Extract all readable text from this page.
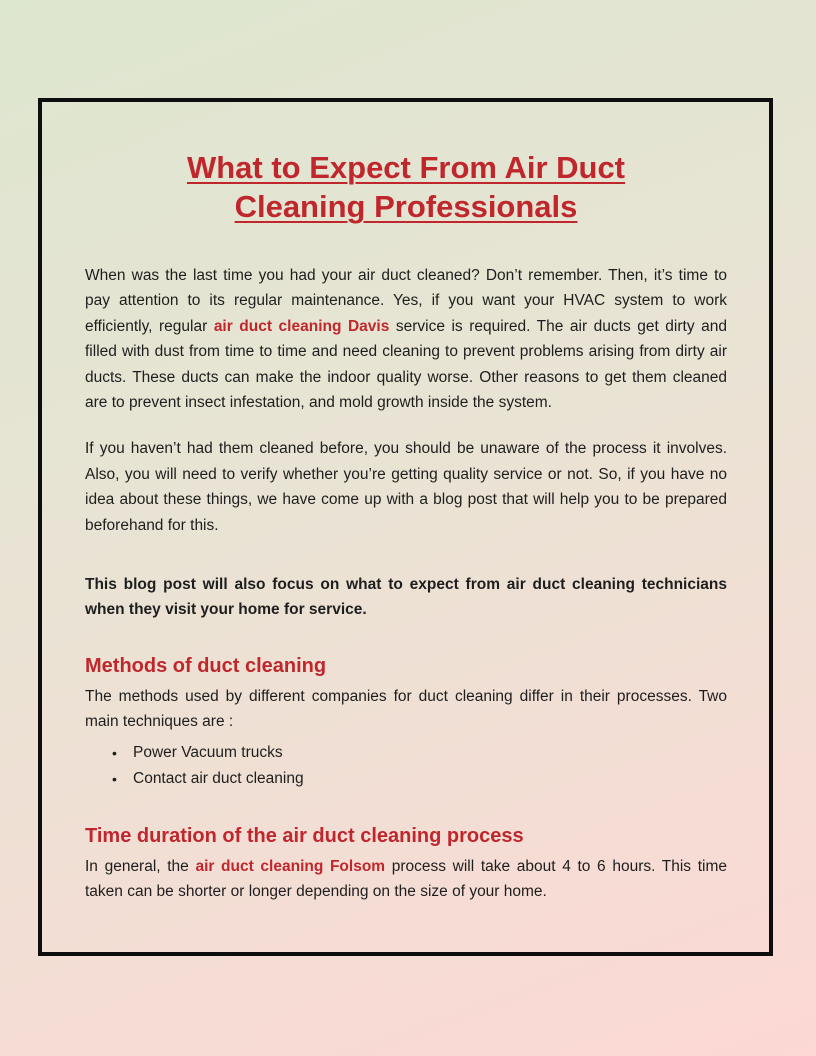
What to Expect From Air Duct Cleaning Professionals

When was the last time you had your air duct cleaned? Don’t remember. Then, it’s time to pay attention to its regular maintenance. Yes, if you want your HVAC system to work efficiently, regular air duct cleaning Davis service is required. The air ducts get dirty and filled with dust from time to time and need cleaning to prevent problems arising from dirty air ducts. These ducts can make the indoor quality worse. Other reasons to get them cleaned are to prevent insect infestation, and mold growth inside the system.

If you haven’t had them cleaned before, you should be unaware of the process it involves. Also, you will need to verify whether you’re getting quality service or not. So, if you have no idea about these things, we have come up with a blog post that will help you to be prepared beforehand for this.

This blog post will also focus on what to expect from air duct cleaning technicians when they visit your home for service.

Methods of duct cleaning

The methods used by different companies for duct cleaning differ in their processes. Two main techniques are :

• Power Vacuum trucks
• Contact air duct cleaning
Time duration of the air duct cleaning process

In general, the air duct cleaning Folsom process will take about 4 to 6 hours. This time taken can be shorter or longer depending on the size of your home.
